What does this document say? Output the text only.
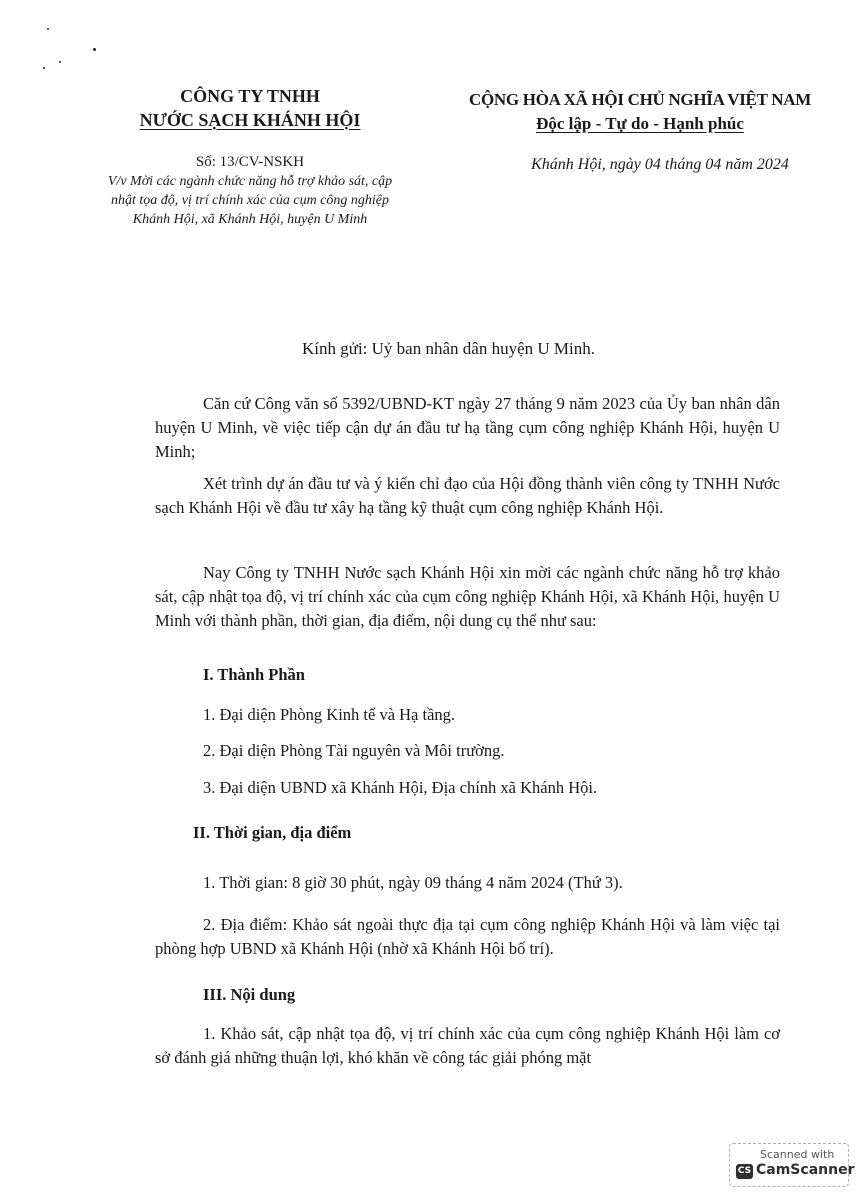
CÔNG TY TNHH
NƯỚC SẠCH KHÁNH HỘI
CỘNG HÒA XÃ HỘI CHỦ NGHĨA VIỆT NAM
Độc lập - Tự do - Hạnh phúc
Số: 13/CV-NSKH
V/v Mời các ngành chức năng hỗ trợ khảo sát, cập nhật tọa độ, vị trí chính xác của cụm công nghiệp Khánh Hội, xã Khánh Hội, huyện U Minh
Khánh Hội, ngày 04 tháng 04 năm 2024
Kính gửi: Uỷ ban nhân dân huyện U Minh.
Căn cứ Công văn số 5392/UBND-KT ngày 27 tháng 9 năm 2023 của Ủy ban nhân dân huyện U Minh, về việc tiếp cận dự án đầu tư hạ tầng cụm công nghiệp Khánh Hội, huyện U Minh;
Xét trình dự án đầu tư và ý kiến chỉ đạo của Hội đồng thành viên công ty TNHH Nước sạch Khánh Hội về đầu tư xây hạ tầng kỹ thuật cụm công nghiệp Khánh Hội.
Nay Công ty TNHH Nước sạch Khánh Hội xin mời các ngành chức năng hỗ trợ khảo sát, cập nhật tọa độ, vị trí chính xác của cụm công nghiệp Khánh Hội, xã Khánh Hội, huyện U Minh với thành phần, thời gian, địa điểm, nội dung cụ thể như sau:
I. Thành Phần
1. Đại diện Phòng Kinh tế và Hạ tầng.
2. Đại diện Phòng Tài nguyên và Môi trường.
3. Đại diện UBND xã Khánh Hội, Địa chính xã Khánh Hội.
II. Thời gian, địa điểm
1. Thời gian: 8 giờ 30 phút, ngày 09 tháng 4 năm 2024 (Thứ 3).
2. Địa điểm: Khảo sát ngoài thực địa tại cụm công nghiệp Khánh Hội và làm việc tại phòng hợp UBND xã Khánh Hội (nhờ xã Khánh Hội bố trí).
III. Nội dung
1. Khảo sát, cập nhật tọa độ, vị trí chính xác của cụm công nghiệp Khánh Hội làm cơ sở đánh giá những thuận lợi, khó khăn về công tác giải phóng mặt
Scanned with
CS CamScanner
